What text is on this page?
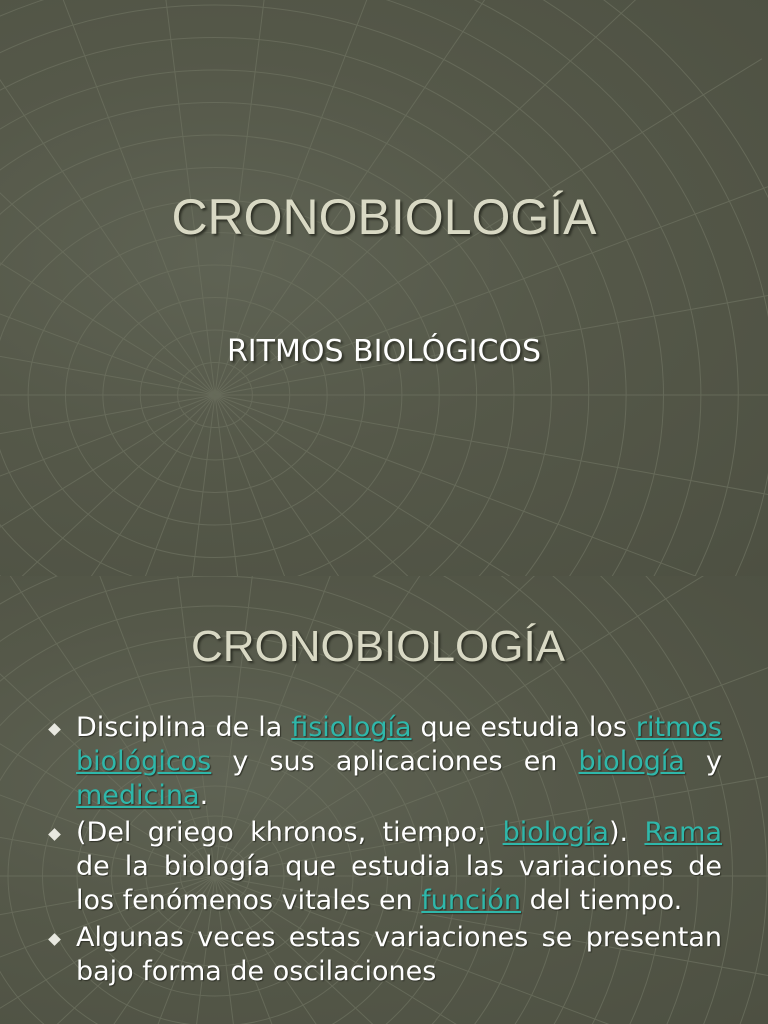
CRONOBIOLOGÍA
RITMOS BIOLÓGICOS
CRONOBIOLOGÍA
Disciplina de la fisiología que estudia los ritmos biológicos y sus aplicaciones en biología y medicina.
(Del griego khronos, tiempo; biología). Rama de la biología que estudia las variaciones de los fenómenos vitales en función del tiempo.
Algunas veces estas variaciones se presentan bajo forma de oscilaciones
